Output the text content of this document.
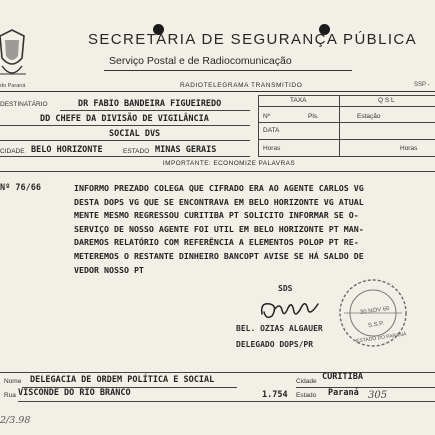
SECRETARIA DE SEGURANÇA PÚBLICA
Serviço Postal e de Radiocomunicação
do Paraná	RADIOTELEGRAMA TRANSMITIDO	SSP -
DESTINATÁRIO	DR FABIO BANDEIRA FIGUEIREDO
DD CHEFE DA DIVISÃO DE VIGILÂNCIA
SOCIAL DVS
CIDADE BELO HORIZONTE	ESTADO MINAS GERAIS
TAXA	Q S L
Nº	Pls.	Estação
DATA
Horas	Horas
IMPORTANTE: ECONOMIZE PALAVRAS
Nº 76/66	INFORMO PREZADO COLEGA QUE CIFRADO ERA AO AGENTE CARLOS VG
DESTA DOPS VG QUE SE ENCONTRAVA EM BELO HORIZONTE VG ATUAL
MENTE MESMO REGRESSOU CURITIBA PT SOLICITO INFORMAR SE O-
SERVIÇO DE NOSSO AGENTE FOI UTIL EM BELO HORIZONTE PT MAN-
DAREMOS RELATÓRIO COM REFERÊNCIA A ELEMENTOS POLOP PT RE-
METEREMOS O RESTANTE DINHEIRO BANCOPT AVISE SE HÁ SALDO DE
VEDOR NOSSO PT
SDS
BEL. OZIAS ALGAUER
DELEGADO DOPS/PR
30 NOV 66
S.S.P.
ESTADO DO PARANÁ
Nome DELEGACIA DE ORDEM POLÍTICA E SOCIAL	Cidade CURITIBA
Rua VISCONDE DO RIO BRANCO	1.754 Estado Paraná 305
2/3.98
